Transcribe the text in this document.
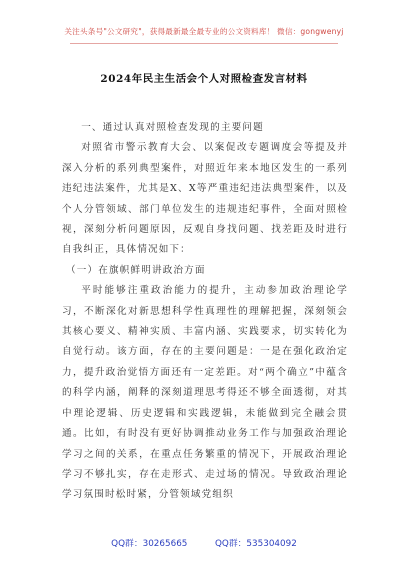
关注头条号"公文研究"，获得最新最全最专业的公文资料库！ 微信：gongwenyj
2024年民主生活会个人对照检查发言材料

一、通过认真对照检查发现的主要问题

对照省市警示教育大会、以案促改专题调度会等提及并深入分析的系列典型案件，对照近年来本地区发生的一系列违纪违法案件，尤其是X、X等严重违纪违法典型案件，以及个人分管领域、部门单位发生的违规违纪事件，全面对照检视，深刻分析问题原因，反观自身找问题、找差距及时进行自我纠正，具体情况如下：

（一）在旗帜鲜明讲政治方面

平时能够注重政治能力的提升，主动参加政治理论学习，不断深化对新思想科学性真理性的理解把握，深刻领会其核心要义、精神实质、丰富内涵、实践要求，切实转化为自觉行动。该方面，存在的主要问题是：一是在强化政治定力，提升政治觉悟方面还有一定差距。对“两个确立”中蕴含的科学内涵，阐释的深刻道理思考得还不够全面透彻，对其中理论逻辑、历史逻辑和实践逻辑，未能做到完全融会贯通。比如，有时没有更好协调推动业务工作与加强政治理论学习之间的关系，在重点任务繁重的情况下，开展政治理论学习不够扎实，存在走形式、走过场的情况。导致政治理论学习氛围时松时紧，分管领域党组织

QQ群：30265665	QQ群：535304092
